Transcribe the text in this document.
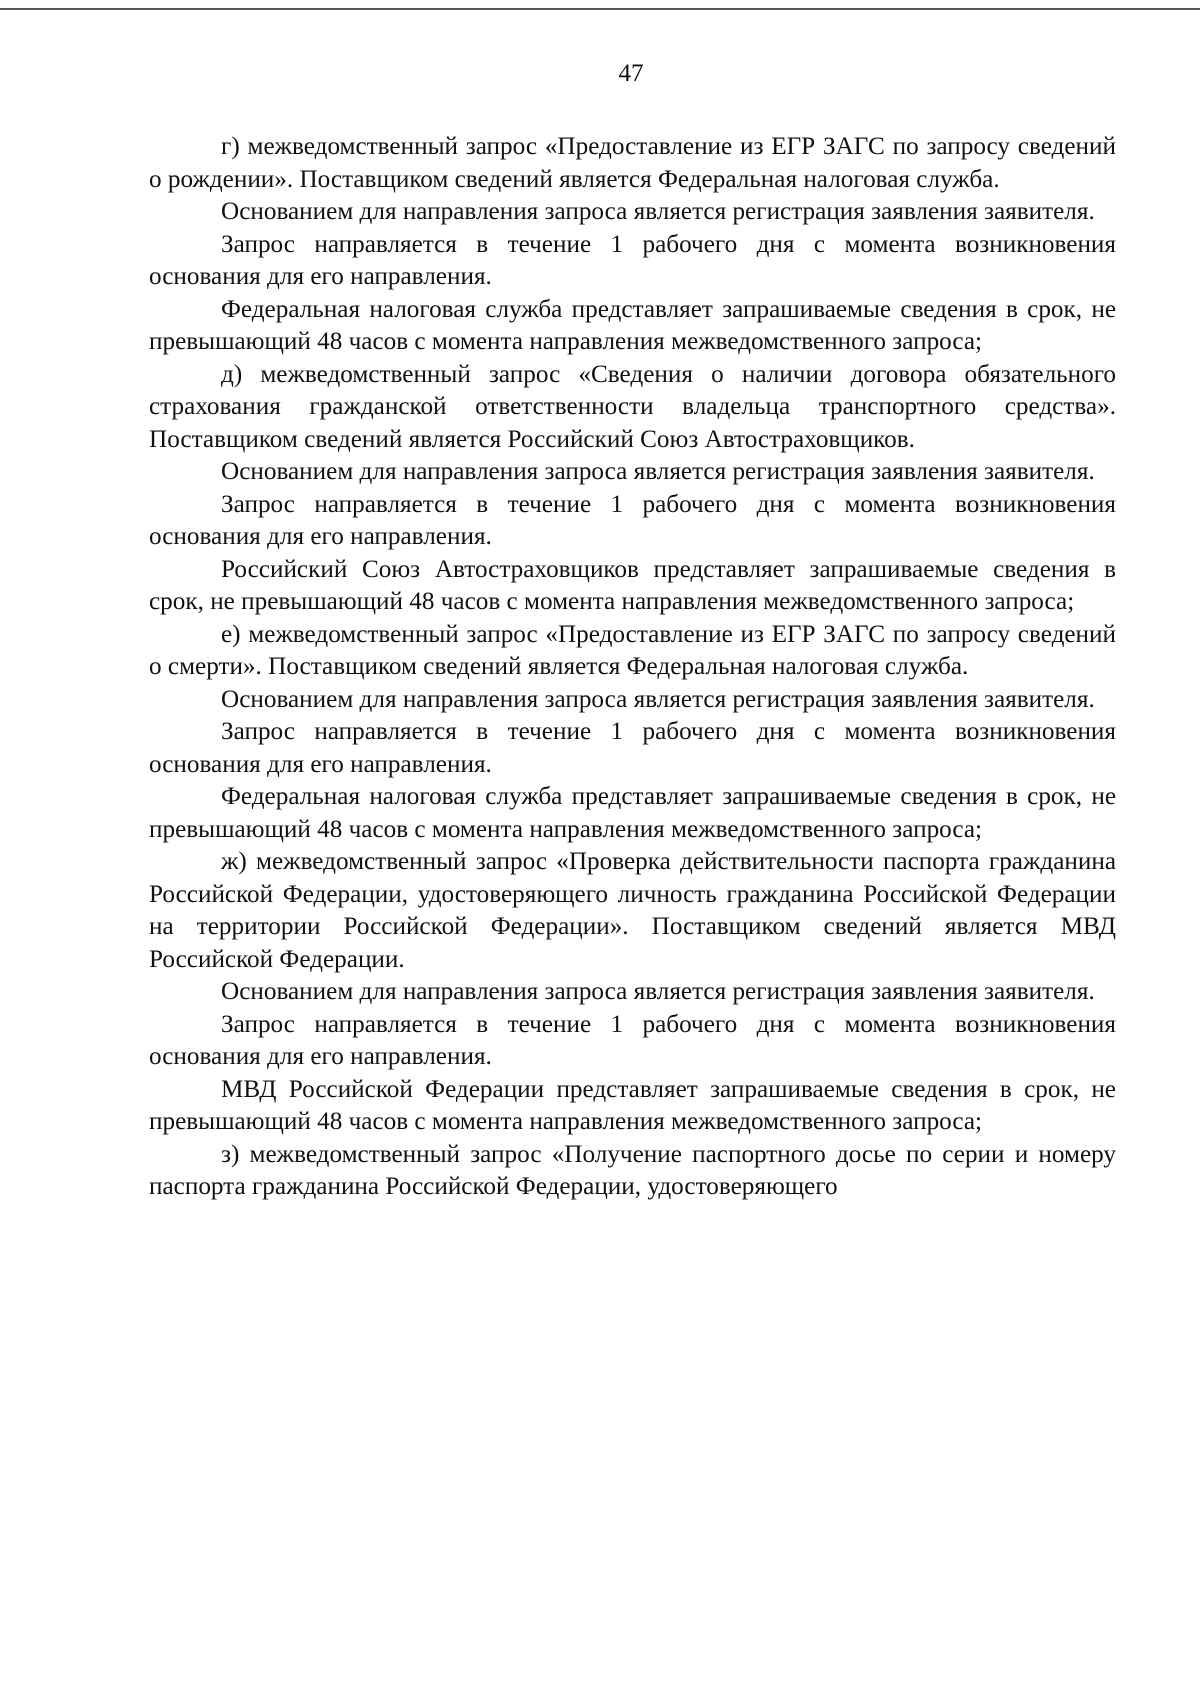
47

г) межведомственный запрос «Предоставление из ЕГР ЗАГС по запросу сведений о рождении». Поставщиком сведений является Федеральная налоговая служба.

Основанием для направления запроса является регистрация заявления заявителя.

Запрос направляется в течение 1 рабочего дня с момента возникновения основания для его направления.

Федеральная налоговая служба представляет запрашиваемые сведения в срок, не превышающий 48 часов с момента направления межведомственного запроса;

д) межведомственный запрос «Сведения о наличии договора обязательного страхования гражданской ответственности владельца транспортного средства». Поставщиком сведений является Российский Союз Автостраховщиков.

Основанием для направления запроса является регистрация заявления заявителя.

Запрос направляется в течение 1 рабочего дня с момента возникновения основания для его направления.

Российский Союз Автостраховщиков представляет запрашиваемые сведения в срок, не превышающий 48 часов с момента направления межведомственного запроса;

е) межведомственный запрос «Предоставление из ЕГР ЗАГС по запросу сведений о смерти». Поставщиком сведений является Федеральная налоговая служба.

Основанием для направления запроса является регистрация заявления заявителя.

Запрос направляется в течение 1 рабочего дня с момента возникновения основания для его направления.

Федеральная налоговая служба представляет запрашиваемые сведения в срок, не превышающий 48 часов с момента направления межведомственного запроса;

ж) межведомственный запрос «Проверка действительности паспорта гражданина Российской Федерации, удостоверяющего личность гражданина Российской Федерации на территории Российской Федерации». Поставщиком сведений является МВД Российской Федерации.

Основанием для направления запроса является регистрация заявления заявителя.

Запрос направляется в течение 1 рабочего дня с момента возникновения основания для его направления.

МВД Российской Федерации представляет запрашиваемые сведения в срок, не превышающий 48 часов с момента направления межведомственного запроса;

з) межведомственный запрос «Получение паспортного досье по серии и номеру паспорта гражданина Российской Федерации, удостоверяющего
